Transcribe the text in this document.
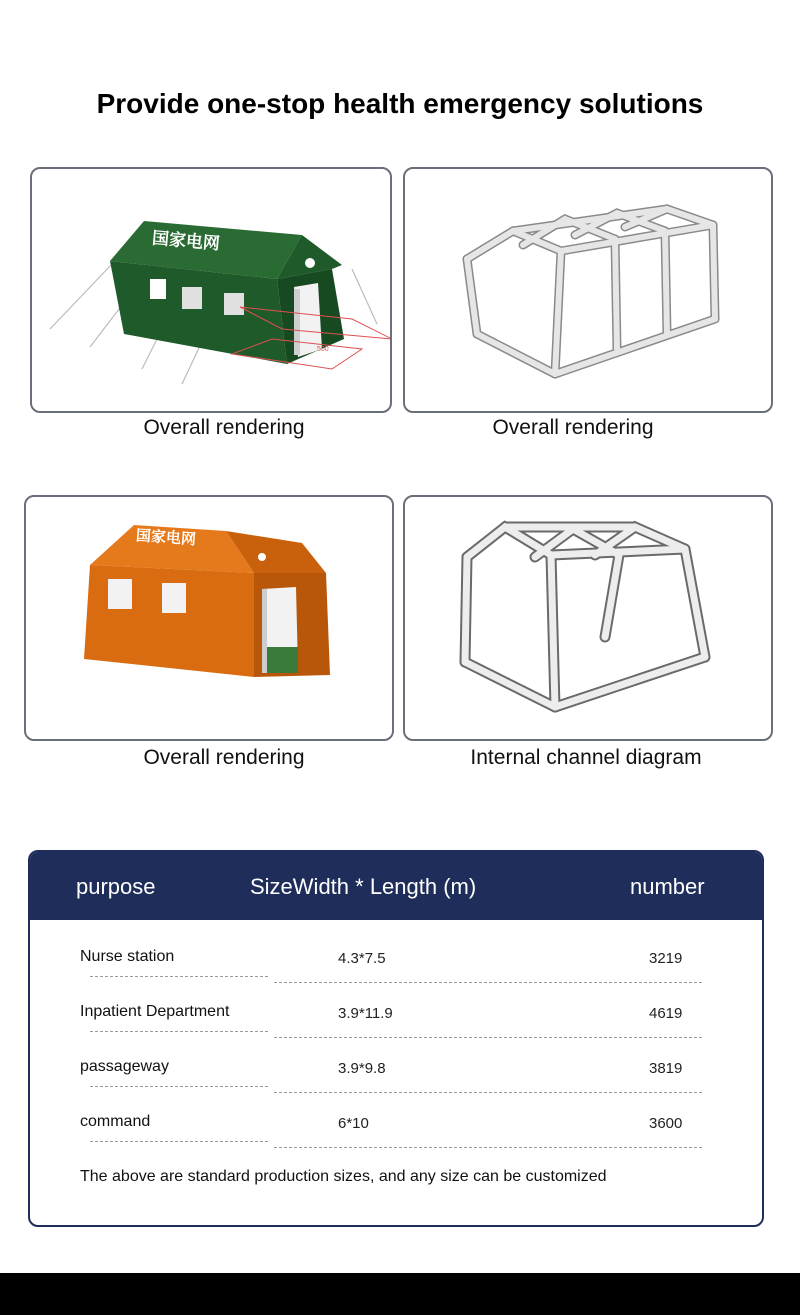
Provide one-stop health emergency solutions
500
国家电网
Overall rendering	Overall rendering
国家电网
Overall rendering	Internal channel diagram
purpose	SizeWidth * Length (m)	number
Nurse station	4.3*7.5	3219
Inpatient Department	3.9*11.9	4619
passageway	3.9*9.8	3819
command	6*10	3600
The above are standard production sizes, and any size can be customized
